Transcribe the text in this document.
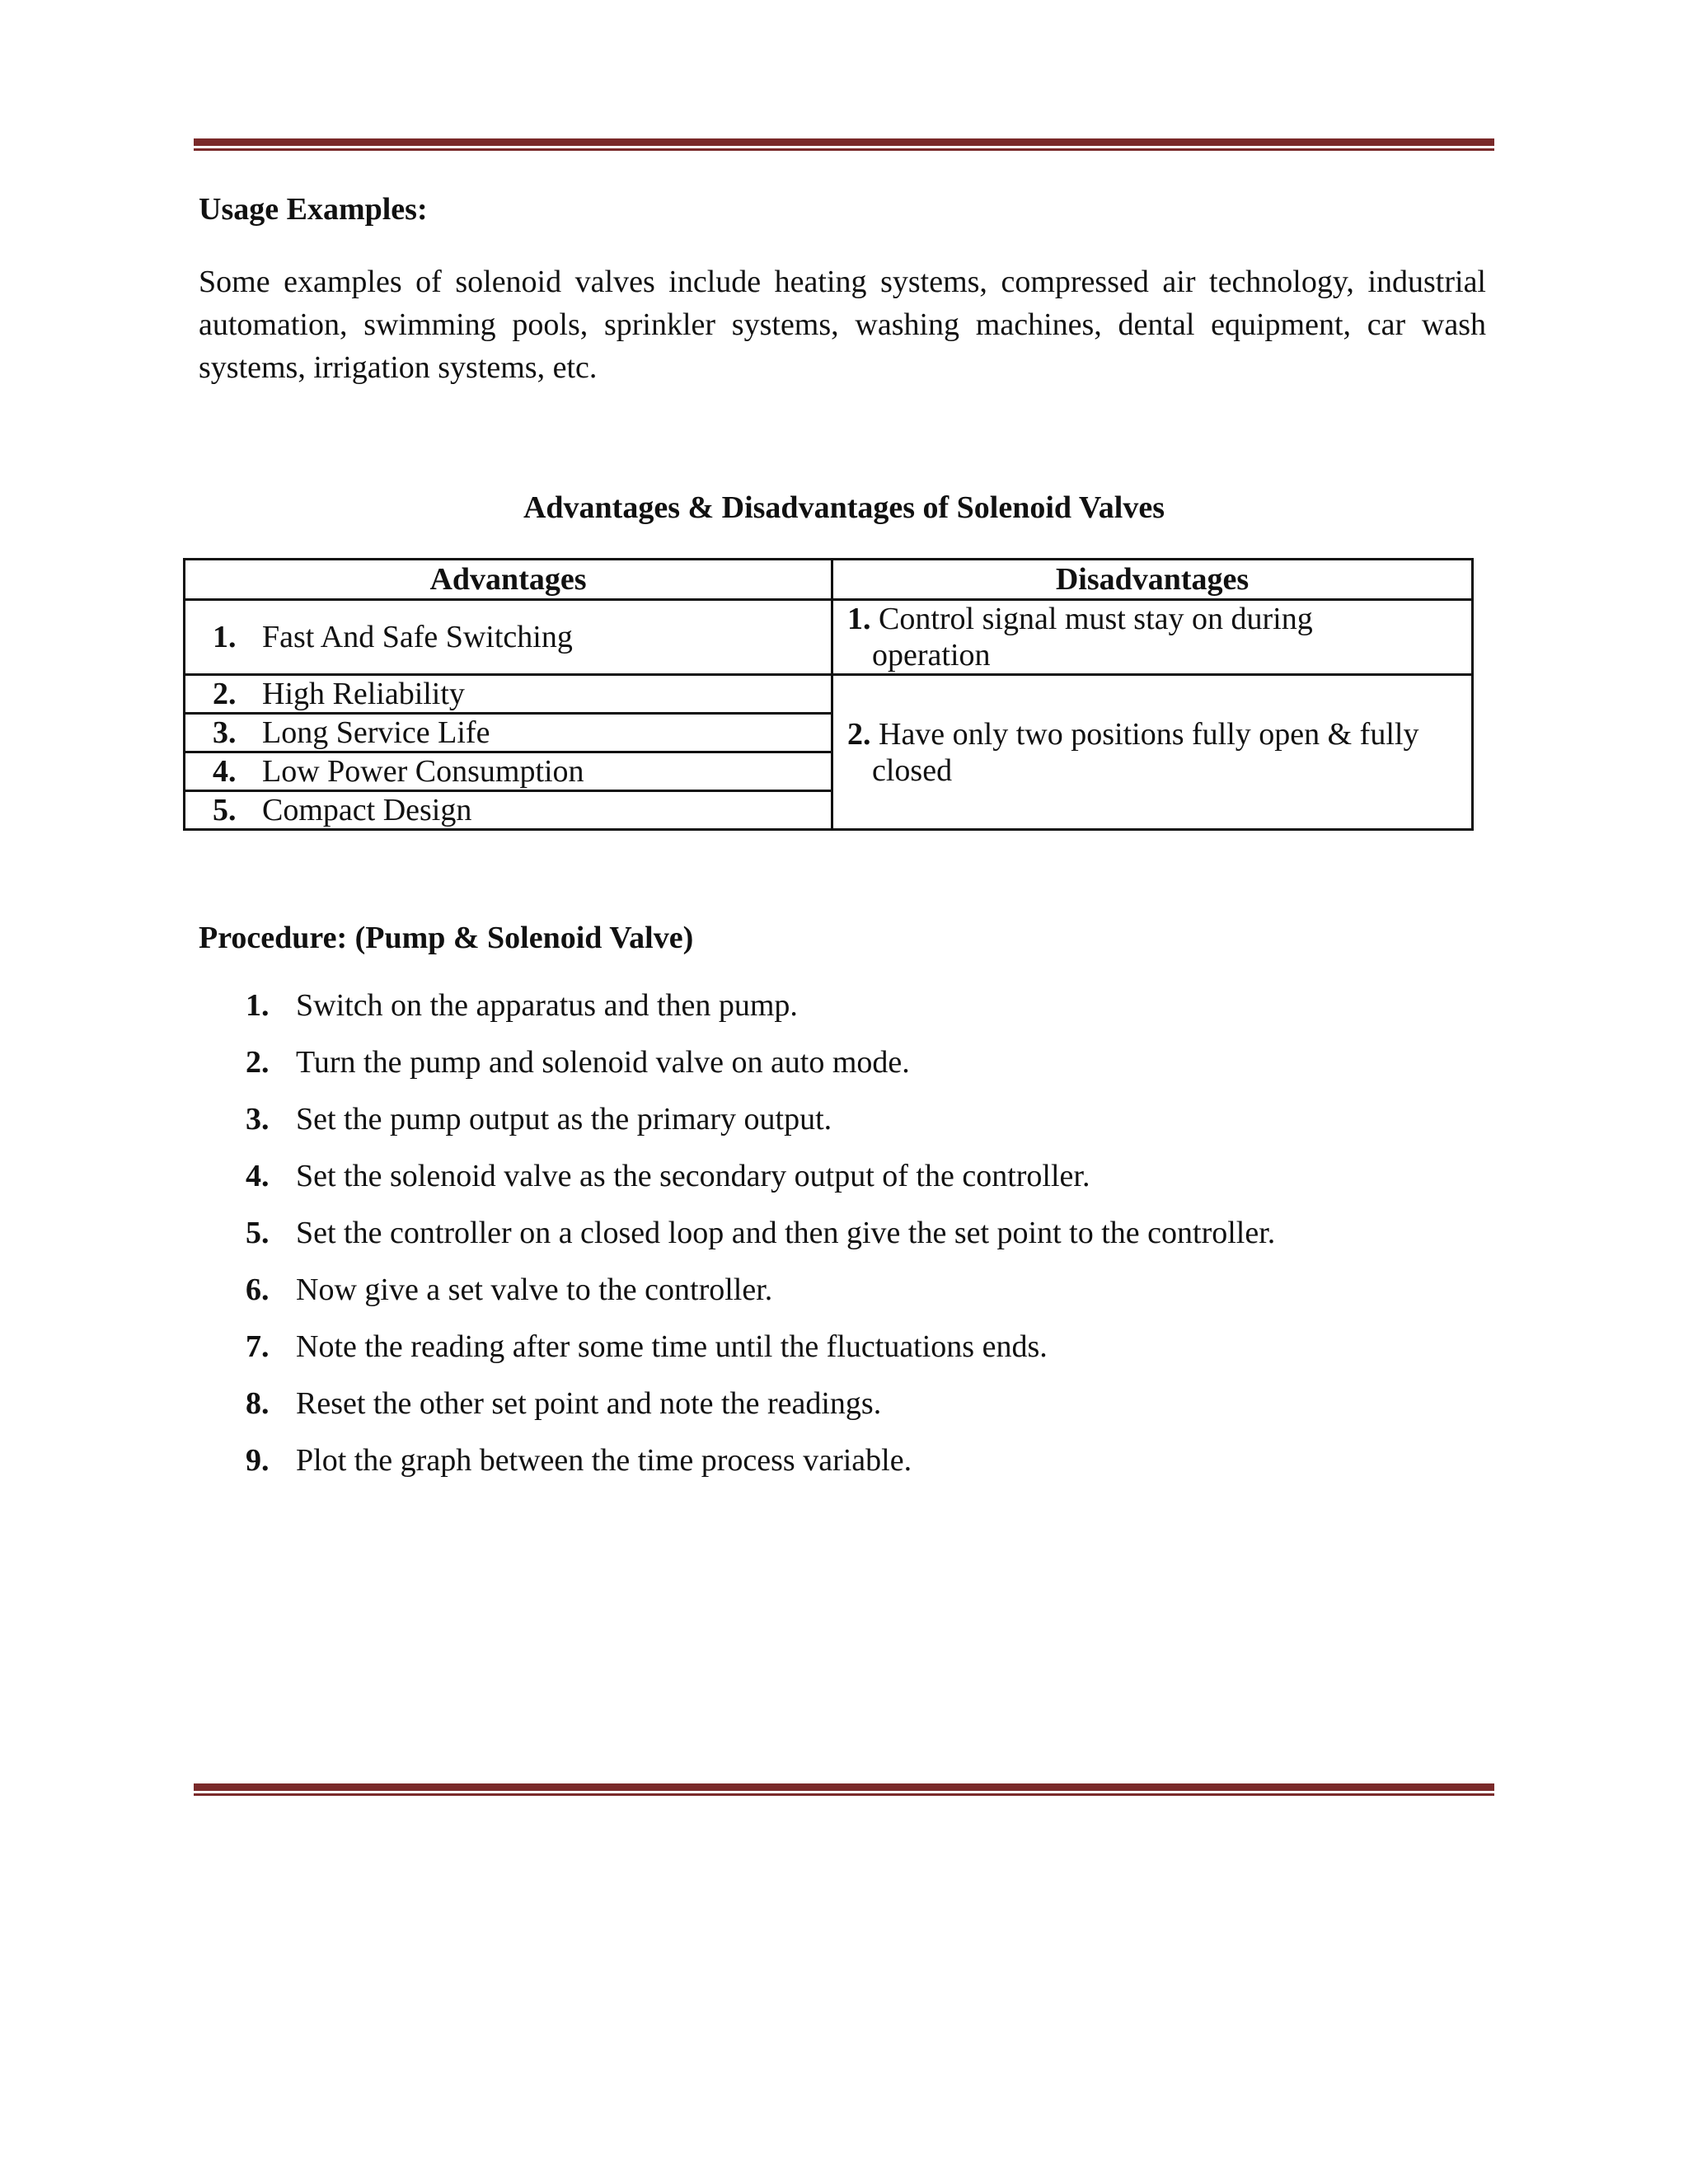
Usage Examples:

Some examples of solenoid valves include heating systems, compressed air technology, industrial automation, swimming pools, sprinkler systems, washing machines, dental equipment, car wash systems, irrigation systems, etc.

Advantages & Disadvantages of Solenoid Valves
Advantages	Disadvantages
1. Fast And Safe Switching	1. Control signal must stay on during
operation

2. High Reliability	2. Have only two positions fully open & fully
closed

3. Long Service Life	
4. Low Power Consumption	
5. Compact Design	
Procedure: (Pump & Solenoid Valve)
1. Switch on the apparatus and then pump.
2. Turn the pump and solenoid valve on auto mode.
3. Set the pump output as the primary output.
4. Set the solenoid valve as the secondary output of the controller.
5. Set the controller on a closed loop and then give the set point to the controller.
6. Now give a set valve to the controller.
7. Note the reading after some time until the fluctuations ends.
8. Reset the other set point and note the readings.
9. Plot the graph between the time process variable.
